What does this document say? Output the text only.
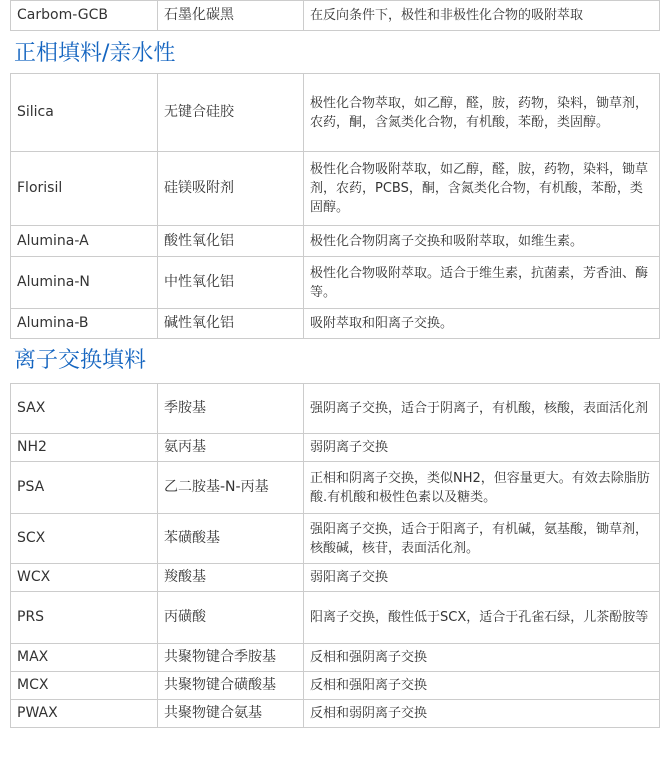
Carbom-GCB	石墨化碳黑	在反向条件下，极性和非极性化合物的吸附萃取
正相填料/亲水性
Silica	无键合硅胶	极性化合物萃取，如乙醇，醛，胺，药物，染料，锄草剂，农药，酮，含氮类化合物，有机酸，苯酚，类固醇。
Florisil	硅镁吸附剂	极性化合物吸附萃取，如乙醇，醛，胺，药物，染料，锄草剂，农药，PCBS，酮，含氮类化合物，有机酸，苯酚，类固醇。
Alumina-A	酸性氧化铝	极性化合物阴离子交换和吸附萃取，如维生素。
Alumina-N	中性氧化铝	极性化合物吸附萃取。适合于维生素，抗菌素，芳香油、酶等。
Alumina-B	碱性氧化铝	吸附萃取和阳离子交换。
离子交换填料
SAX	季胺基	强阴离子交换，适合于阴离子，有机酸，核酸，表面活化剂
NH2	氨丙基	弱阴离子交换
PSA	乙二胺基-N-丙基	正相和阴离子交换，类似NH2，但容量更大。有效去除脂肪酸.有机酸和极性色素以及糖类。
SCX	苯磺酸基	强阳离子交换，适合于阳离子，有机碱，氨基酸，锄草剂，核酸碱，核苷，表面活化剂。
WCX	羧酸基	弱阳离子交换
PRS	丙磺酸	阳离子交换，酸性低于SCX，适合于孔雀石绿，儿茶酚胺等
MAX	共聚物键合季胺基	反相和强阴离子交换
MCX	共聚物键合磺酸基	反相和强阳离子交换
PWAX	共聚物键合氨基	反相和弱阴离子交换
